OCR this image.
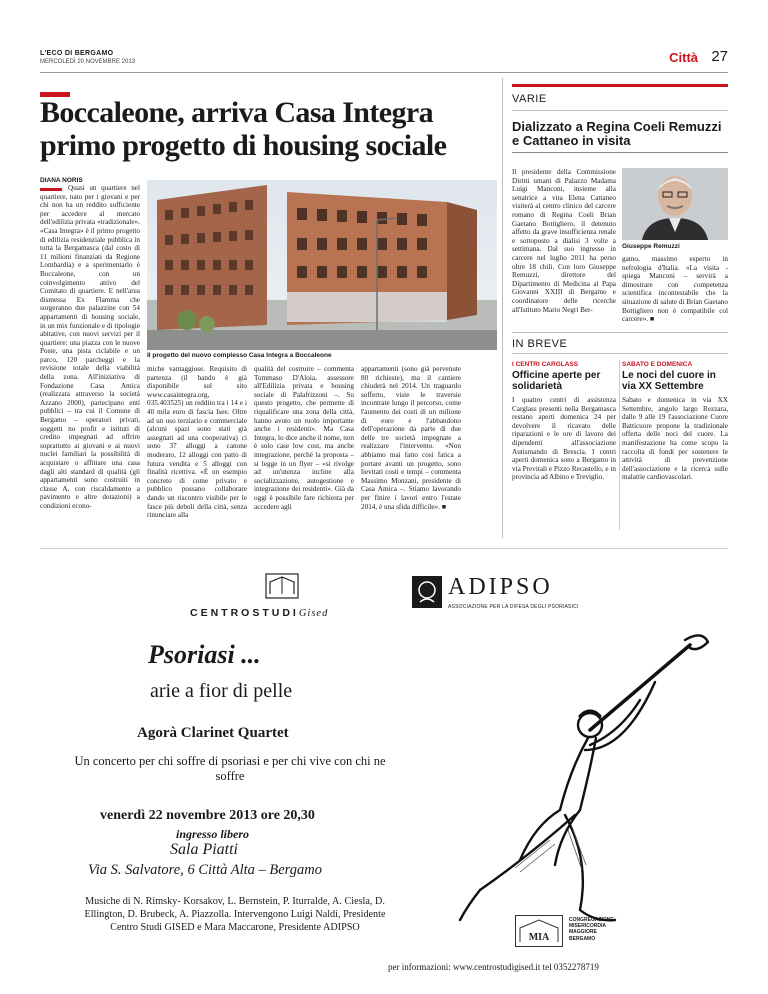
L'ECO DI BERGAMO
MERCOLEDÌ 20 NOVEMBRE 2013	Città 27
Boccaleone, arriva Casa Integra primo progetto di housing sociale
DIANA NORIS
Quasi un quartiere nel quartiere, nato per i giovani e per chi non ha un reddito sufficiente per accedere al mercato dell'edilizia privata «tradizionale». «Casa Integra» è il primo progetto di edilizia residenziale pubblica in tutta la Bergamasca (dal costo di 11 milioni finanziati da Regione Lombardia) e a sperimentarlo è Boccaleone, con un coinvolgimento attivo del Comitato di quartiere. E nell'area dismessa Ex Flamma che sorgeranno due palazzine con 54 appartamenti di housing sociale, in un mix funzionale e di tipologie abitative, con nuovi servizi per il quartiere: una piazza con le nuove Poste, una pista ciclabile e un parco, 120 parcheggi e la revisione totale della viabilità della zona. All'iniziativa di Fondazione Casa Amica (realizzata attraverso la società Azzano 2000), partecipano enti pubblici – tra cui il Comune di Bergamo – operatori privati, soggetti no profit e istituti di credito impegnati ad offrire soprattutto ai giovani e ai nuovi nuclei familiari la possibilità di acquistare o affittare una casa dagli alti standard di qualità (gli appartamenti sono costruiti in classe A, con riscaldamento a pavimento e altre dotazioni) a condizioni econo-
Il progetto del nuovo complesso Casa Integra a Boccaleone
miche vantaggiose. Requisito di partenza (il bando è già disponibile sul sito www.casaintegra.org, 035.403525) un reddito tra i 14 e i 40 mila euro di fascia Isee. Oltre ad un uso terziario e commerciale (alcuni spazi sono stati già assegnati ad una cooperativa) ci sono 37 alloggi a canone moderato, 12 alloggi con patto di futura vendita e 5 alloggi con finalità ricettiva. «È un esempio concreto di come privato e pubblico possano collaborare dando un riscontro visibile per le fasce più deboli della città, senza rinunciare alla
qualità del costruire – commenta Tommaso D'Aloia, assessore all'Edilizia privata e housing sociale di Palafrizzoni –. Su questo progetto, che permette di riqualificare una zona della città, hanno avuto un ruolo importante anche i residenti». Ma Casa Integra, lo dice anche il nome, non è solo case low cost, ma anche integrazione, perché la proposta – si legge in un flyer – «si rivolge ad un'utenza incline alla socializzazione, autogestione e integrazione dei residenti». Già da oggi è possibile fare richiesta per accedere agli
appartamenti (sono già pervenute 80 richieste), ma il cantiere chiuderà nel 2014. Un traguardo sofferto, viste le traversie incontrate lungo il percorso, come l'aumento dei costi di un milione di euro e l'abbandono dell'operazione da parte di due delle tre società impegnate a realizzare l'intervento. «Non abbiamo mai fatto così fatica a portare avanti un progetto, sono lievitati costi e tempi – commenta Massimo Monzani, presidente di Casa Amica –. Stiamo lavorando per finire i lavori entro l'estate 2014, è una sfida difficile». ■
VARIE
Dializzato a Regina Coeli Remuzzi e Cattaneo in visita
Il presidente della Commissione Diritti umani di Palazzo Madama Luigi Manconi, insieme alla senatrice a vita Elena Cattaneo visiterà al centro clinico del carcere romano di Regina Coeli Brian Gaetano Bottigliero, il detenuto affetto da grave insufficienza renale e sottoposto a dialisi 3 volte a settimana. Dal suo ingresso in carcere nel luglio 2011 ha perso oltre 18 chili. Con loro Giuseppe Remuzzi, direttore del Dipartimento di Medicina al Papa Giovanni XXIII di Bergamo e coordinatore delle ricerche all'Istituto Mario Negri Ber-
Giuseppe Remuzzi
gamo, massimo esperto in nefrologia d'Italia. «La visita - spiega Manconi – servirà a dimostrare con competenza scientifica incontestabile che la situazione di salute di Brian Gaetano Bottigliero non è compatibile col carcere». ■
IN BREVE
I CENTRI CARGLASS
Officine aperte per solidarietà
I quattro centri di assistenza Carglass presenti nella Bergamasca restano aperti domenica 24 per devolvere il ricavato delle riparazioni e le ore di lavoro dei dipendenti all'associazione Autismando di Brescia. I centri aperti domenica sono a Bergamo in via Previtali e Pizzo Recastello, e in provincia ad Albino e Treviglio.
SABATO E DOMENICA
Le noci del cuore in via XX Settembre
Sabato e domenica in via XX Settembre, angolo largo Rezzara, dalle 9 alle 19 l'associazione Cuore Batticuore propone la tradizionale offerta delle noci del cuore. La manifestazione ha come scopo la raccolta di fondi per sostenere le attività di prevenzione dell'associazione e la ricerca sulle malattie cardiovascolari.
CENTROSTUDIGised
ADIPSO
ASSOCIAZIONE PER LA DIFESA DEGLI PSORIASICI
Psoriasi ...
arie a fior di pelle
Agorà Clarinet Quartet
Un concerto per chi soffre di psoriasi e per chi vive con chi ne soffre
venerdì 22 novembre 2013 ore 20,30
ingresso libero
Sala Piatti
Via S. Salvatore, 6 Città Alta – Bergamo
Musiche di N. Rimsky- Korsakov, L. Bernstein, P. Iturralde, A. Ciesla, D. Ellington, D. Brubeck, A. Piazzolla. Intervengono Luigi Naldi, Presidente Centro Studi GISED e Mara Maccarone, Presidente ADIPSO
MIA
CONGREGAZIONE
MISERICORDIA
MAGGIORE
BERGAMO
per informazioni: www.centrostudigised.it tel 0352278719
